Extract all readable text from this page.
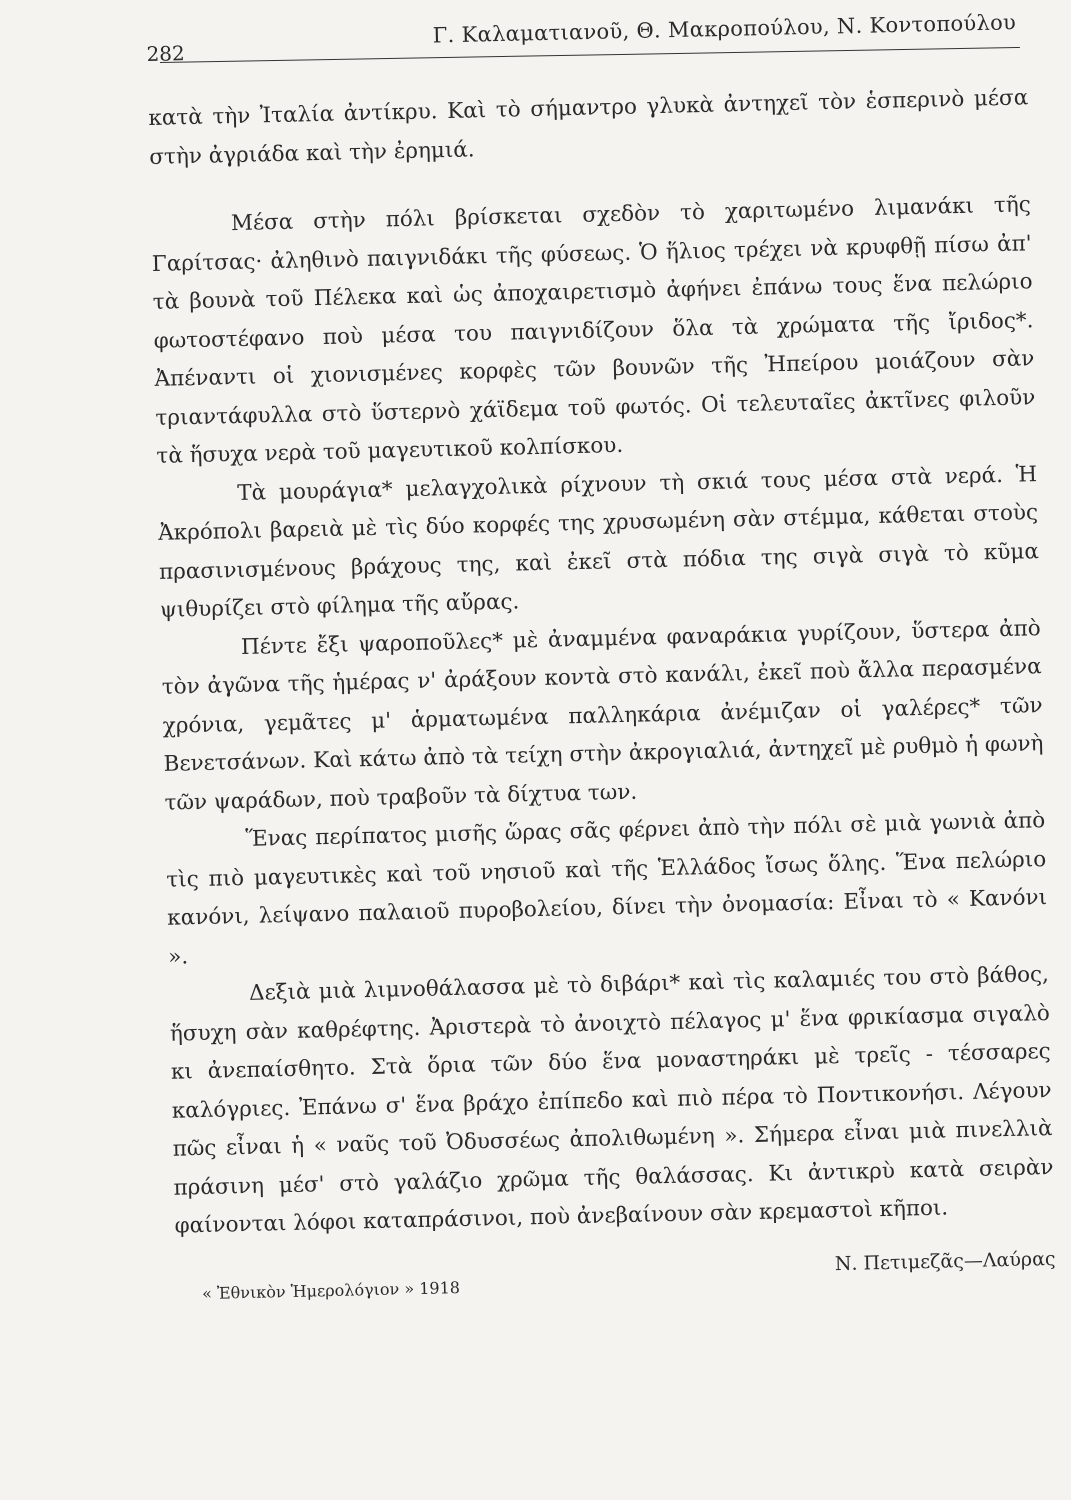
282
Γ. Καλαματιανοῦ, Θ. Μακροπούλου, Ν. Κοντοπούλου

κατὰ τὴν Ἰταλία ἀντίκρυ. Καὶ τὸ σήμαντρο γλυκὰ ἀντηχεῖ τὸν ἑσπερινὸ μέσα στὴν ἀγριάδα καὶ τὴν ἐρημιά.

Μέσα στὴν πόλι βρίσκεται σχεδὸν τὸ χαριτωμένο λιμανάκι τῆς Γαρίτσας· ἀληθινὸ παιγνιδάκι τῆς φύσεως. Ὁ ἥλιος τρέχει νὰ κρυφθῇ πίσω ἀπ' τὰ βουνὰ τοῦ Πέλεκα καὶ ὡς ἀποχαιρετισμὸ ἀφήνει ἐπάνω τους ἕνα πελώριο φωτοστέφανο ποὺ μέσα του παιγνιδίζουν ὅλα τὰ χρώματα τῆς ἴριδος*. Ἀπέναντι οἱ χιονισμένες κορφὲς τῶν βουνῶν τῆς Ἠπείρου μοιάζουν σὰν τριαντάφυλλα στὸ ὕστερνὸ χάϊδεμα τοῦ φωτός. Οἱ τελευταῖες ἀκτῖνες φιλοῦν τὰ ἥσυχα νερὰ τοῦ μαγευτικοῦ κολπίσκου.

Τὰ μουράγια* μελαγχολικὰ ρίχνουν τὴ σκιά τους μέσα στὰ νερά. Ἡ Ἀκρόπολι βαρειὰ μὲ τὶς δύο κορφές της χρυσωμένη σὰν στέμμα, κάθεται στοὺς πρασινισμένους βράχους της, καὶ ἐκεῖ στὰ πόδια της σιγὰ σιγὰ τὸ κῦμα ψιθυρίζει στὸ φίλημα τῆς αὔρας.

Πέντε ἔξι ψαροποῦλες* μὲ ἀναμμένα φαναράκια γυρίζουν, ὕστερα ἀπὸ τὸν ἀγῶνα τῆς ἡμέρας ν' ἀράξουν κοντὰ στὸ κανάλι, ἐκεῖ ποὺ ἄλλα περασμένα χρόνια, γεμᾶτες μ' ἁρματωμένα παλληκάρια ἀνέμιζαν οἱ γαλέρες* τῶν Βενετσάνων. Καὶ κάτω ἀπὸ τὰ τείχη στὴν ἀκρογιαλιά, ἀντηχεῖ μὲ ρυθμὸ ἡ φωνὴ τῶν ψαράδων, ποὺ τραβοῦν τὰ δίχτυα των.

Ἕνας περίπατος μισῆς ὥρας σᾶς φέρνει ἀπὸ τὴν πόλι σὲ μιὰ γωνιὰ ἀπὸ τὶς πιὸ μαγευτικὲς καὶ τοῦ νησιοῦ καὶ τῆς Ἑλλάδος ἴσως ὅλης. Ἕνα πελώριο κανόνι, λείψανο παλαιοῦ πυροβολείου, δίνει τὴν ὀνομασία: Εἶναι τὸ « Κανόνι ».

Δεξιὰ μιὰ λιμνοθάλασσα μὲ τὸ διβάρι* καὶ τὶς καλαμιές του στὸ βάθος, ἥσυχη σὰν καθρέφτης. Ἀριστερὰ τὸ ἀνοιχτὸ πέλαγος μ' ἕνα φρικίασμα σιγαλὸ κι ἀνεπαίσθητο. Στὰ ὅρια τῶν δύο ἕνα μοναστηράκι μὲ τρεῖς - τέσσαρες καλόγριες. Ἐπάνω σ' ἕνα βράχο ἐπίπεδο καὶ πιὸ πέρα τὸ Ποντικονήσι. Λέγουν πῶς εἶναι ἡ « ναῦς τοῦ Ὀδυσσέως ἀπολιθωμένη ». Σήμερα εἶναι μιὰ πινελλιὰ πράσινη μέσ' στὸ γαλάζιο χρῶμα τῆς θαλάσσας. Κι ἀντικρὺ κατὰ σειρὰν φαίνονται λόφοι καταπράσινοι, ποὺ ἀνεβαίνουν σὰν κρεμαστοὶ κῆποι.

« Ἐθνικὸν Ἡμερολόγιον » 1918
Ν. Πετιμεζᾶς—Λαύρας
